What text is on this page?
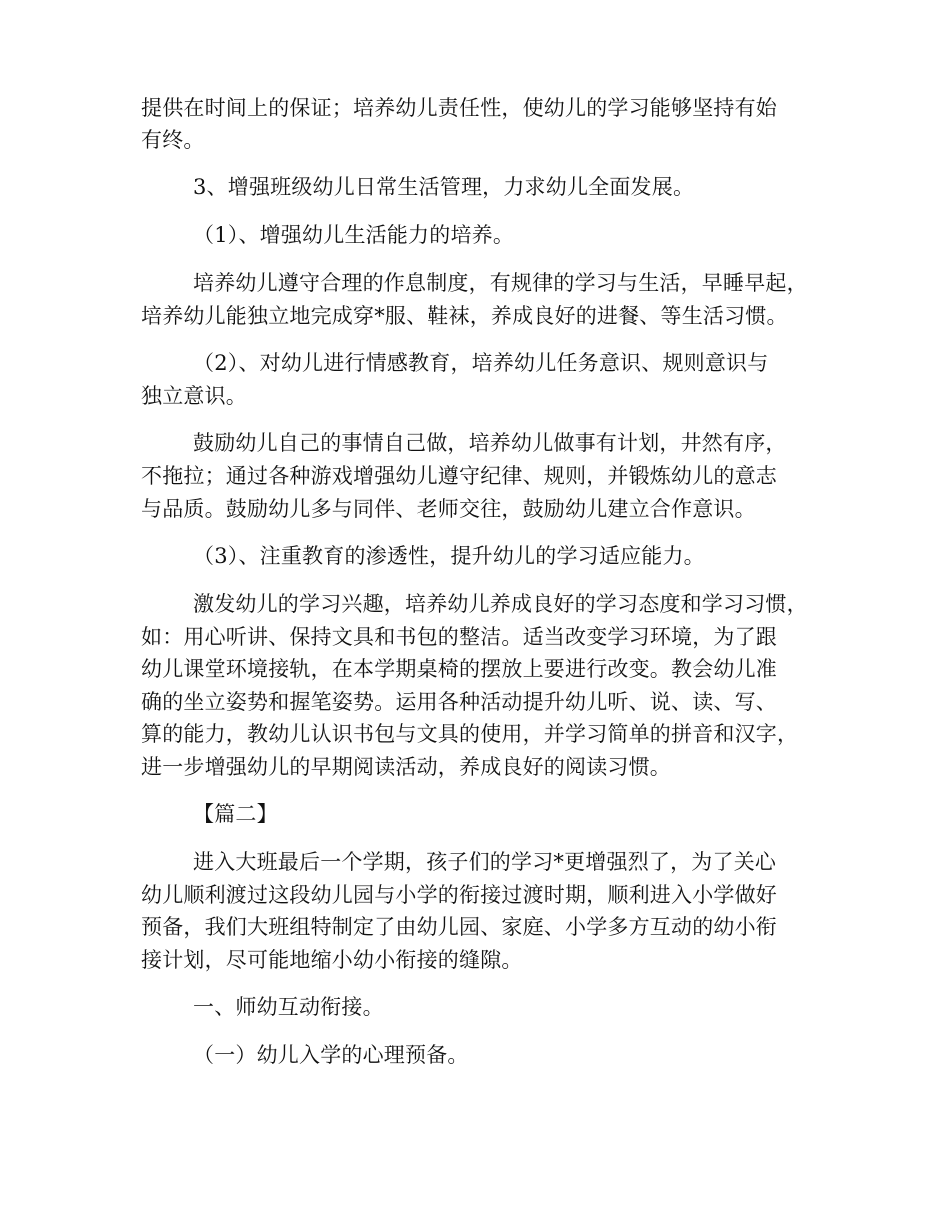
提供在时间上的保证；培养幼儿责任性，使幼儿的学习能够坚持有始
有终。
3、增强班级幼儿日常生活管理，力求幼儿全面发展。
（1）、增强幼儿生活能力的培养。
培养幼儿遵守合理的作息制度，有规律的学习与生活，早睡早起，
培养幼儿能独立地完成穿*服、鞋袜，养成良好的进餐、等生活习惯。
（2）、对幼儿进行情感教育，培养幼儿任务意识、规则意识与
独立意识。
鼓励幼儿自己的事情自己做，培养幼儿做事有计划，井然有序，
不拖拉；通过各种游戏增强幼儿遵守纪律、规则，并锻炼幼儿的意志
与品质。鼓励幼儿多与同伴、老师交往，鼓励幼儿建立合作意识。
（3）、注重教育的渗透性，提升幼儿的学习适应能力。
激发幼儿的学习兴趣，培养幼儿养成良好的学习态度和学习习惯，
如：用心听讲、保持文具和书包的整洁。适当改变学习环境，为了跟
幼儿课堂环境接轨，在本学期桌椅的摆放上要进行改变。教会幼儿准
确的坐立姿势和握笔姿势。运用各种活动提升幼儿听、说、读、写、
算的能力，教幼儿认识书包与文具的使用，并学习简单的拼音和汉字，
进一步增强幼儿的早期阅读活动，养成良好的阅读习惯。
【篇二】
进入大班最后一个学期，孩子们的学习*更增强烈了，为了关心
幼儿顺利渡过这段幼儿园与小学的衔接过渡时期，顺利进入小学做好
预备，我们大班组特制定了由幼儿园、家庭、小学多方互动的幼小衔
接计划，尽可能地缩小幼小衔接的缝隙。
一、师幼互动衔接。
（一）幼儿入学的心理预备。
